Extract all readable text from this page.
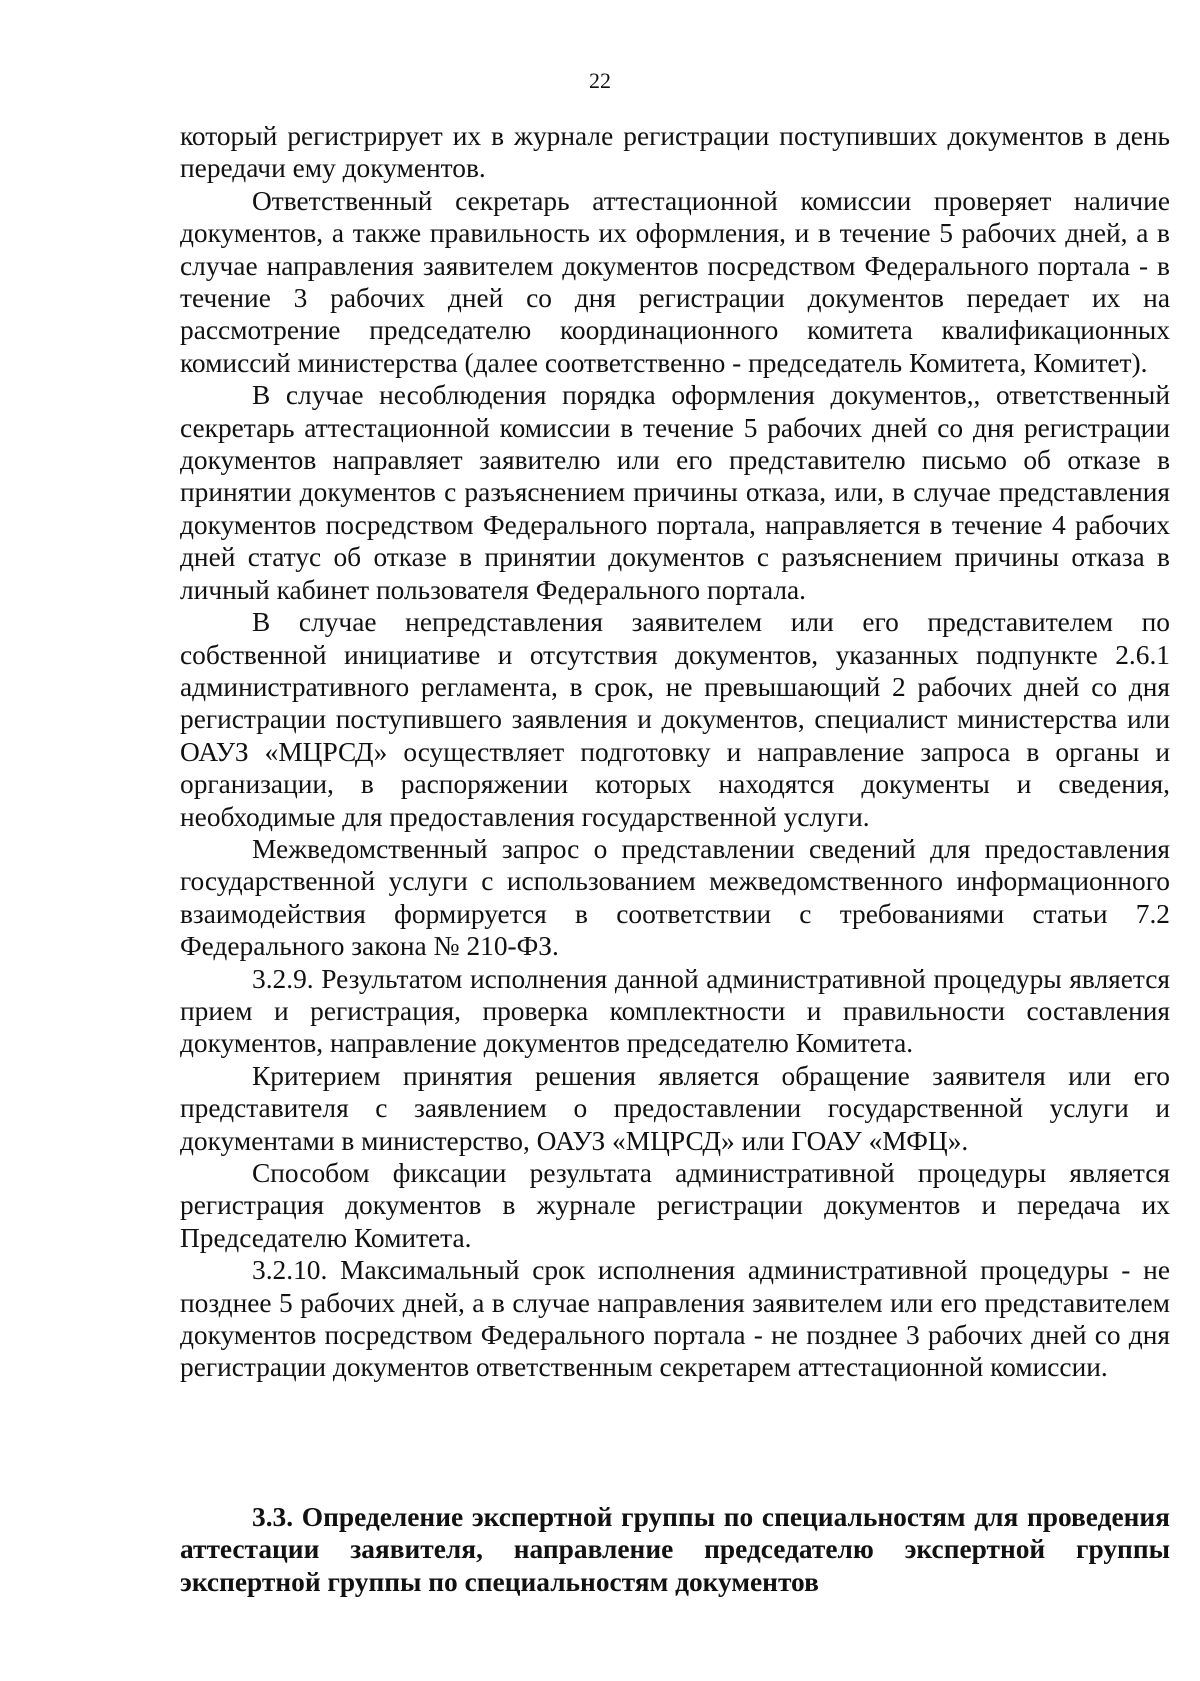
22

который регистрирует их в журнале регистрации поступивших документов в день передачи ему документов.

Ответственный секретарь аттестационной комиссии проверяет наличие документов, а также правильность их оформления, и в течение 5 рабочих дней, а в случае направления заявителем документов посредством Федерального портала - в течение 3 рабочих дней со дня регистрации документов передает их на рассмотрение председателю координационного комитета квалификационных комиссий министерства (далее соответственно - председатель Комитета, Комитет).

В случае несоблюдения порядка оформления документов,, ответственный секретарь аттестационной комиссии в течение 5 рабочих дней со дня регистрации документов направляет заявителю или его представителю письмо об отказе в принятии документов с разъяснением причины отказа, или, в случае представления документов посредством Федерального портала, направляется в течение 4 рабочих дней статус об отказе в принятии документов с разъяснением причины отказа в личный кабинет пользователя Федерального портала.

В случае непредставления заявителем или его представителем по собственной инициативе и отсутствия документов, указанных подпункте 2.6.1 административного регламента, в срок, не превышающий 2 рабочих дней со дня регистрации поступившего заявления и документов, специалист министерства или ОАУЗ «МЦРСД» осуществляет подготовку и направление запроса в органы и организации, в распоряжении которых находятся документы и сведения, необходимые для предоставления государственной услуги.

Межведомственный запрос о представлении сведений для предоставления государственной услуги с использованием межведомственного информационного взаимодействия формируется в соответствии с требованиями статьи 7.2 Федерального закона № 210-ФЗ.

3.2.9. Результатом исполнения данной административной процедуры является прием и регистрация, проверка комплектности и правильности составления документов, направление документов председателю Комитета.

Критерием принятия решения является обращение заявителя или его представителя с заявлением о предоставлении государственной услуги и документами в министерство, ОАУЗ «МЦРСД» или ГОАУ «МФЦ».

Способом фиксации результата административной процедуры является регистрация документов в журнале регистрации документов и передача их Председателю Комитета.

3.2.10. Максимальный срок исполнения административной процедуры - не позднее 5 рабочих дней, а в случае направления заявителем или его представителем документов посредством Федерального портала - не позднее 3 рабочих дней со дня регистрации документов ответственным секретарем аттестационной комиссии.

3.3. Определение экспертной группы по специальностям для проведения аттестации заявителя, направление председателю экспертной группы экспертной группы по специальностям документов
